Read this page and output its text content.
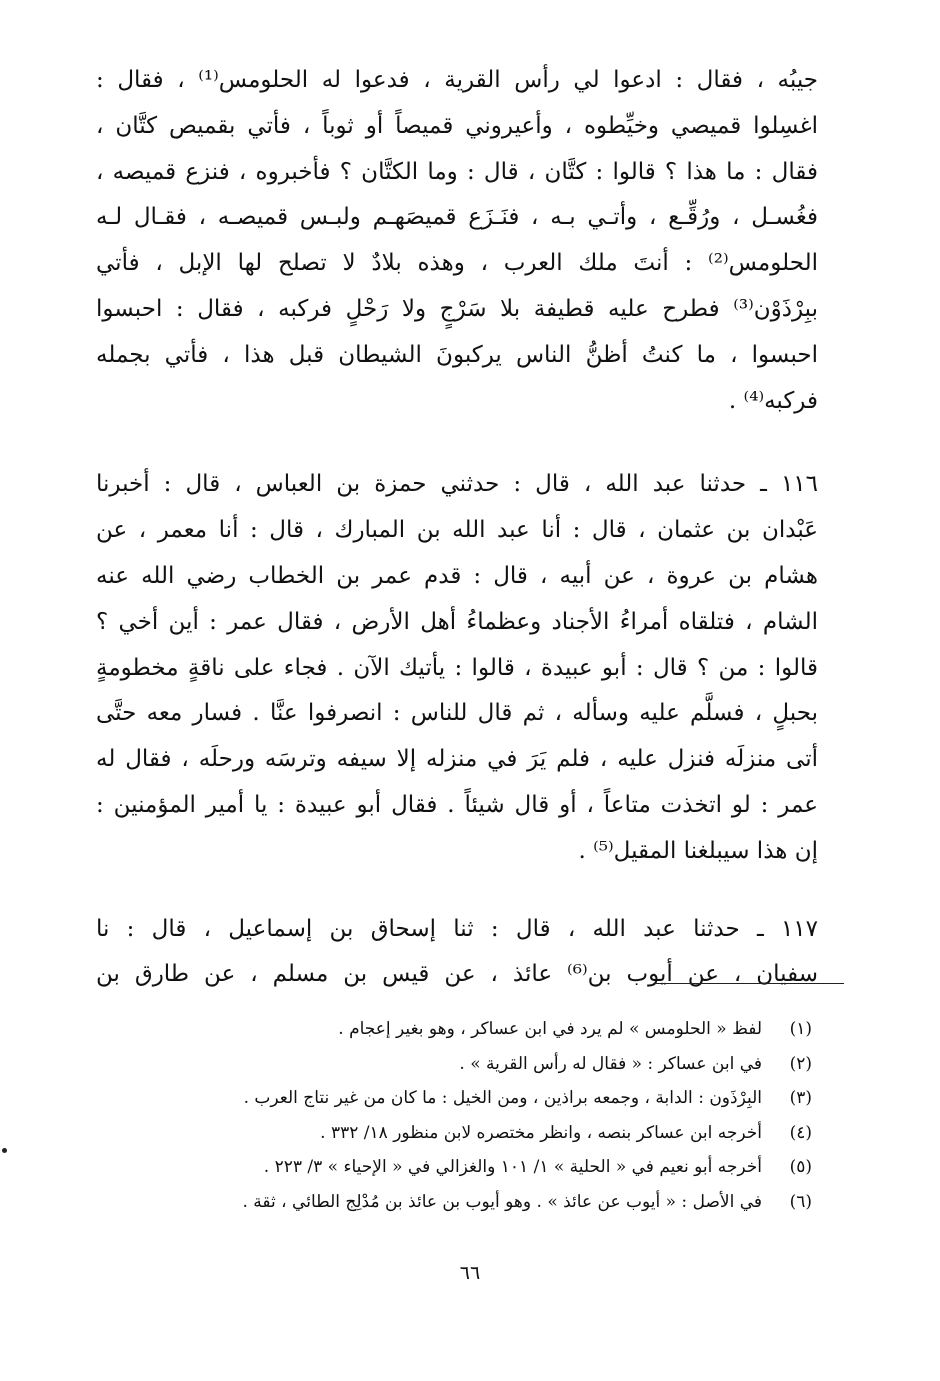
جيبُه ، فقال : ادعوا لي رأس القرية ، فدعوا له الحلومس⁽¹⁾ ، فقال :
اغسِلوا قميصي وخيِّطوه ، وأعيروني قميصاً أو ثوباً ، فأتي بقميص كتَّان ،
فقال : ما هذا ؟ قالوا : كتَّان ، قال : وما الكتَّان ؟ فأخبروه ، فنزع قميصه ،
فغُسـل ، ورُقِّـع ، وأتـي بـه ، فنَـزَع قميصَهـم ولبـس قميصـه ، فقـال لـه
الحلومس⁽²⁾ : أنتَ ملك العرب ، وهذه بلادٌ لا تصلح لها الإبل ، فأتي
ببِرْذَوْن⁽³⁾ فطرح عليه قطيفة بلا سَرْجٍ ولا رَحْلٍ فركبه ، فقال : احبسوا
احبسوا ، ما كنتُ أظنُّ الناس يركبونَ الشيطان قبل هذا ، فأتي بجمله
فركبه⁽⁴⁾ .
١١٦ ـ حدثنا عبد الله ، قال : حدثني حمزة بن العباس ، قال : أخبرنا
عَبْدان بن عثمان ، قال : أنا عبد الله بن المبارك ، قال : أنا معمر ، عن
هشام بن عروة ، عن أبيه ، قال : قدم عمر بن الخطاب رضي الله عنه
الشام ، فتلقاه أمراءُ الأجناد وعظماءُ أهل الأرض ، فقال عمر : أين أخي ؟
قالوا : من ؟ قال : أبو عبيدة ، قالوا : يأتيك الآن . فجاء على ناقةٍ مخطومةٍ
بحبلٍ ، فسلَّم عليه وسأله ، ثم قال للناس : انصرفوا عنَّا . فسار معه حتَّى
أتى منزلَه فنزل عليه ، فلم يَرَ في منزله إلا سيفه وترسَه ورحلَه ، فقال له
عمر : لو اتخذت متاعاً ، أو قال شيئاً . فقال أبو عبيدة : يا أمير المؤمنين :
إن هذا سيبلغنا المقيل⁽⁵⁾ .
١١٧ ـ حدثنا عبد الله ، قال : ثنا إسحاق بن إسماعيل ، قال : نا
سفيان ، عن أيوب بن⁽⁶⁾ عائذ ، عن قيس بن مسلم ، عن طارق بن
(١)
لفظ « الحلومس » لم يرد في ابن عساكر ، وهو بغير إعجام .
(٢)
في ابن عساكر : « فقال له رأس القرية » .
(٣)
البِرْذَون : الدابة ، وجمعه براذين ، ومن الخيل : ما كان من غير نتاج العرب .
(٤)
أخرجه ابن عساكر بنصه ، وانظر مختصره لابن منظور ١٨/ ٣٣٢ .
(٥)
أخرجه أبو نعيم في « الحلية » ١/ ١٠١ والغزالي في « الإحياء » ٣/ ٢٢٣ .
(٦)
في الأصل : « أيوب عن عائذ » . وهو أيوب بن عائذ بن مُدْلِج الطائي ، ثقة .
٦٦
